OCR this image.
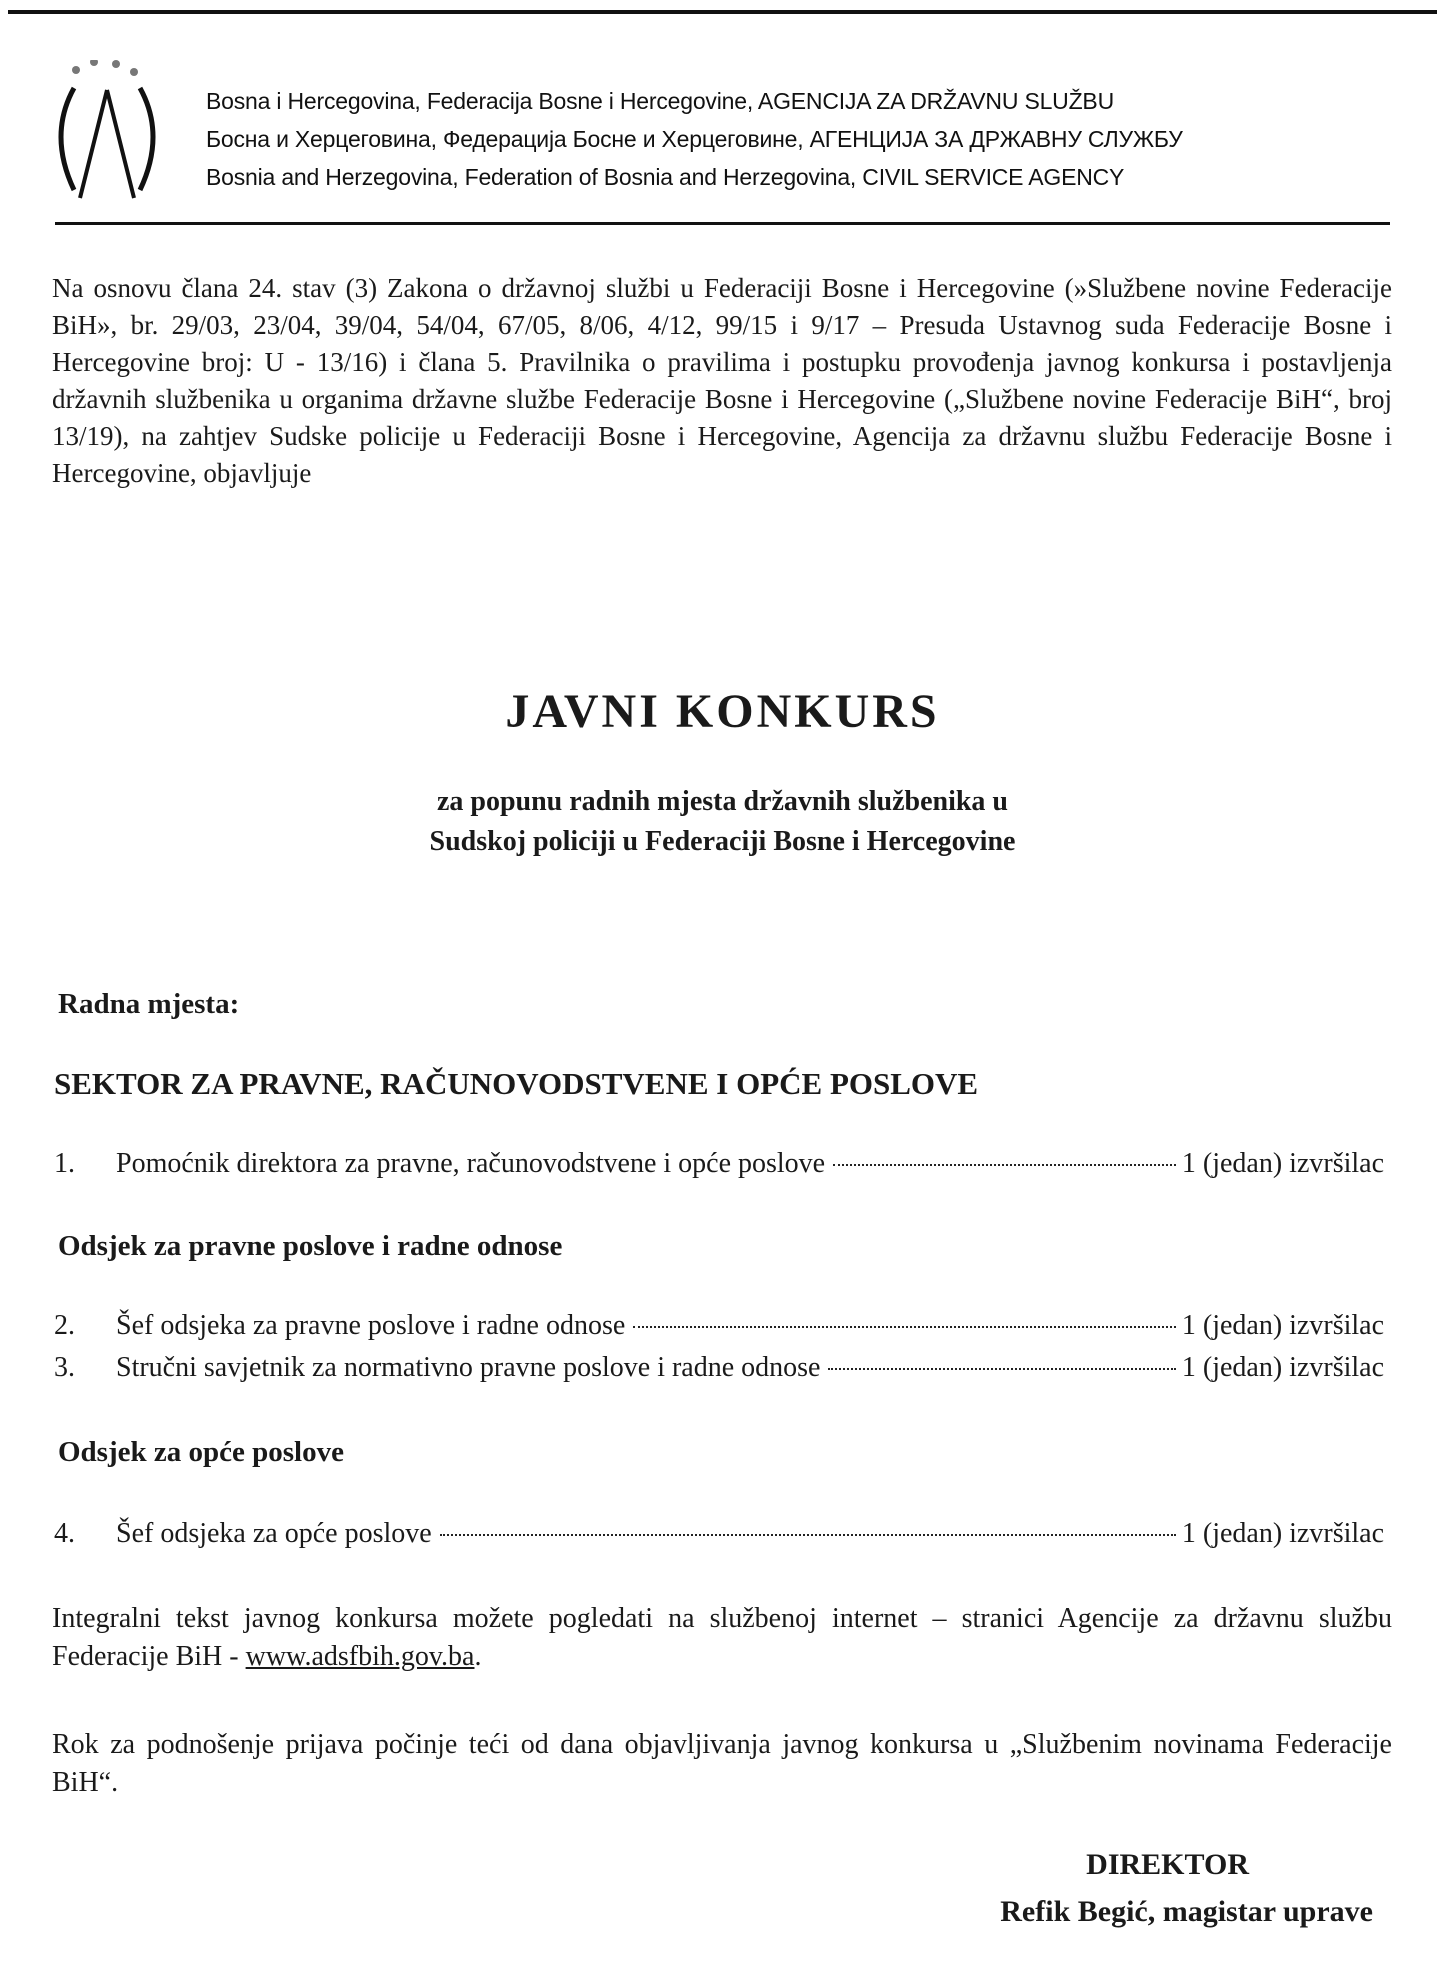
Bosna i Hercegovina, Federacija Bosne i Hercegovine, AGENCIJA ZA DRŽAVNU SLUŽBU
Босна и Херцеговина, Федерација Босне и Херцеговине, АГЕНЦИЈА ЗА ДРЖАВНУ СЛУЖБУ
Bosnia and Herzegovina, Federation of Bosnia and Herzegovina, CIVIL SERVICE AGENCY

Na osnovu člana 24. stav (3) Zakona o državnoj službi u Federaciji Bosne i Hercegovine (»Službene novine Federacije BiH», br. 29/03, 23/04, 39/04, 54/04, 67/05, 8/06, 4/12, 99/15 i 9/17 – Presuda Ustavnog suda Federacije Bosne i Hercegovine broj: U - 13/16) i člana 5. Pravilnika o pravilima i postupku provođenja javnog konkursa i postavljenja državnih službenika u organima državne službe Federacije Bosne i Hercegovine („Službene novine Federacije BiH“, broj 13/19), na zahtjev Sudske policije u Federaciji Bosne i Hercegovine, Agencija za državnu službu Federacije Bosne i Hercegovine, objavljuje

JAVNI KONKURS
za popunu radnih mjesta državnih službenika u
Sudskoj policiji u Federaciji Bosne i Hercegovine

Radna mjesta:

SEKTOR ZA PRAVNE, RAČUNOVODSTVENE I OPĆE POSLOVE

1.	Pomoćnik direktora za pravne, računovodstvene i opće poslove	1 (jedan) izvršilac

Odsjek za pravne poslove i radne odnose

2.	Šef odsjeka za pravne poslove i radne odnose	1 (jedan) izvršilac
3.	Stručni savjetnik za normativno pravne poslove i radne odnose	1 (jedan) izvršilac

Odsjek za opće poslove

4.	Šef odsjeka za opće poslove	1 (jedan) izvršilac

Integralni tekst javnog konkursa možete pogledati na službenoj internet – stranici Agencije za državnu službu Federacije BiH - www.adsfbih.gov.ba.

Rok za podnošenje prijava počinje teći od dana objavljivanja javnog konkursa u „Službenim novinama Federacije BiH“.

DIREKTOR

Refik Begić, magistar uprave
